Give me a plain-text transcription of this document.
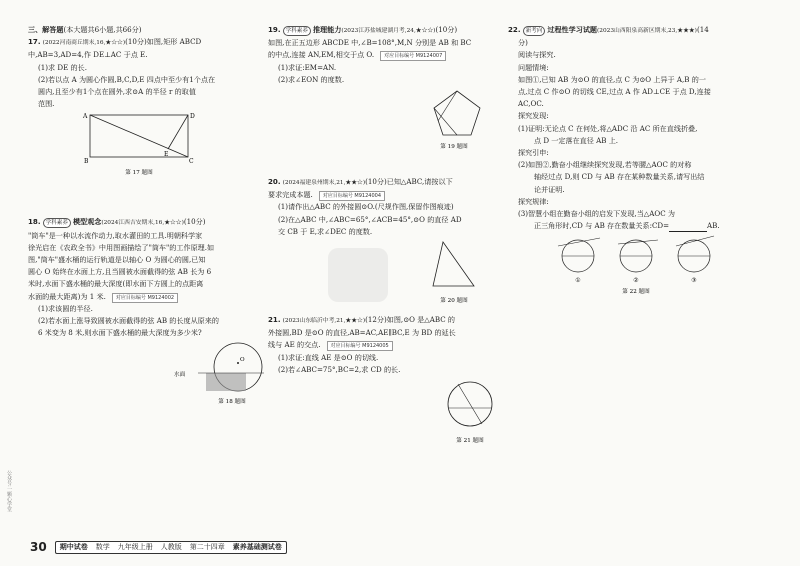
公众号:一颗心学堂

三、解答题(本大题共6小题,共66分)

17. (2022河南商丘期末,16,★☆☆)(10分)如图,矩形 ABCD

中,AB=3,AD=4,作 DE⊥AC 于点 E.

(1)求 DE 的长.

(2)若以点 A 为圆心作圆,B,C,D,E 四点中至少有1个点在

圆内,且至少有1个点在圆外,求⊙A 的半径 r 的取值

范围.

A	D
E
B	C
第 17 题图

18. 学科素养 模型观念(2024江西吉安期末,16,★☆☆)(10分)

"筒车"是一种以水流作动力,取水灌田的工具.明朝科学家

徐光启在《农政全书》中用图画描绘了"筒车"的工作原理.如

图,"筒车"盛水桶的运行轨道是以轴心 O 为圆心的圆,已知

圆心 O 始终在水面上方,且当圆被水面截得的弦 AB 长为 6

米时,水面下盛水桶的最大深度(即水面下方圆上的点距离

水面的最大距离)为 1 米. 对应目标编号 M9124002

(1)求该圆的半径.

(2)若水面上涨导致圆被水面截得的弦 AB 的长度从原来的

6 米变为 8 米,则水面下盛水桶的最大深度为多少米?

O
水面
第 18 题图

19. 学科素养 推理能力(2023江苏盐城建湖月考,24,★☆☆)(10分)

如图,在正五边形 ABCDE 中,∠B=108°,M,N 分别是 AB 和 BC

的中点,连接 AN,EM,相交于点 O. 对应目标编号 M9124007

(1)求证:EM=AN.

(2)求∠EON 的度数.

第 19 题图

20. (2024福建泉州期末,21,★★☆)(10分)已知△ABC,请按以下

要求完成本题. 对应目标编号 M9124004

(1)请作出△ABC 的外接圆⊙O.(尺规作图,保留作图痕迹)

(2)在△ABC 中,∠ABC=65°,∠ACB=45°,⊙O 的直径 AD

交 CB 于 E,求∠DEC 的度数.

第 20 题图

21. (2023山东临沂中考,21,★★☆)(12分)如图,⊙O 是△ABC 的

外接圆,BD 是⊙O 的直径,AB=AC,AE∥BC,E 为 BD 的延长

线与 AE 的交点. 对应目标编号 M9124005

(1)求证:直线 AE 是⊙O 的切线.

(2)若∠ABC=75°,BC=2,求 CD 的长.

第 21 题图

22. 新考向 过程性学习试题(2023山西阳泉高新区期末,23,★★★)(14

分)

阅读与探究.

问题情境:

如图①,已知 AB 为⊙O 的直径,点 C 为⊙O 上异于 A,B 的一

点,过点 C 作⊙O 的切线 CE,过点 A 作 AD⊥CE 于点 D,连接

AC,OC.

探究发现:

(1)证明:无论点 C 在何处,将△ADC 沿 AC 所在直线折叠,

点 D 一定落在直径 AB 上.

探究引申:

(2)如图②,勤奋小组继续探究发现,若等腰△AOC 的对称

轴经过点 D,则 CD 与 AB 存在某种数量关系,请写出结

论并证明.

探究规律:

(3)智慧小组在勤奋小组的启发下发现,当△AOC 为

正三角形时,CD 与 AB 存在数量关系:CD=	AB.

①	②	③
第 22 题图
30 期中试卷 数学 九年级上册 人教版 第二十四章 素养基础测试卷
